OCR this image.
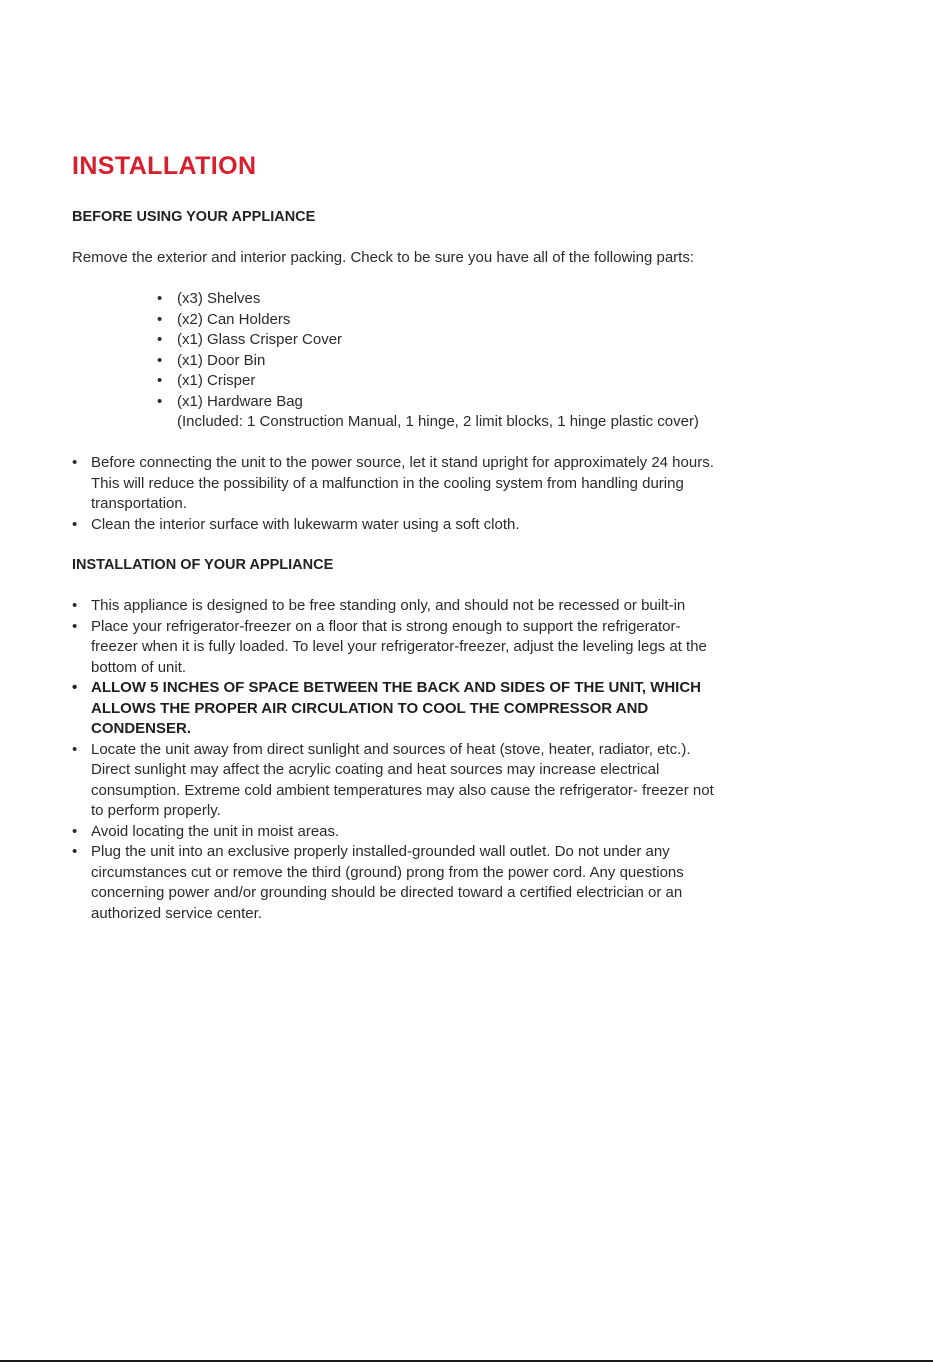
INSTALLATION
BEFORE USING YOUR APPLIANCE

Remove the exterior and interior packing. Check to be sure you have all of the following parts:

• (x3) Shelves
• (x2) Can Holders
• (x1) Glass Crisper Cover
• (x1) Door Bin
• (x1) Crisper
• (x1) Hardware Bag
(Included: 1 Construction Manual, 1 hinge, 2 limit blocks, 1 hinge plastic cover)
• Before connecting the unit to the power source, let it stand upright for approximately 24 hours.
This will reduce the possibility of a malfunction in the cooling system from handling during
transportation.
• Clean the interior surface with lukewarm water using a soft cloth.
INSTALLATION OF YOUR APPLIANCE
• This appliance is designed to be free standing only, and should not be recessed or built-in
• Place your refrigerator-freezer on a floor that is strong enough to support the refrigerator-
freezer when it is fully loaded. To level your refrigerator-freezer, adjust the leveling legs at the
bottom of unit.
• ALLOW 5 INCHES OF SPACE BETWEEN THE BACK AND SIDES OF THE UNIT, WHICH
ALLOWS THE PROPER AIR CIRCULATION TO COOL THE COMPRESSOR AND
CONDENSER.
• Locate the unit away from direct sunlight and sources of heat (stove, heater, radiator, etc.).
Direct sunlight may affect the acrylic coating and heat sources may increase electrical
consumption. Extreme cold ambient temperatures may also cause the refrigerator- freezer not
to perform properly.
• Avoid locating the unit in moist areas.
• Plug the unit into an exclusive properly installed-grounded wall outlet. Do not under any
circumstances cut or remove the third (ground) prong from the power cord. Any questions
concerning power and/or grounding should be directed toward a certified electrician or an
authorized service center.
